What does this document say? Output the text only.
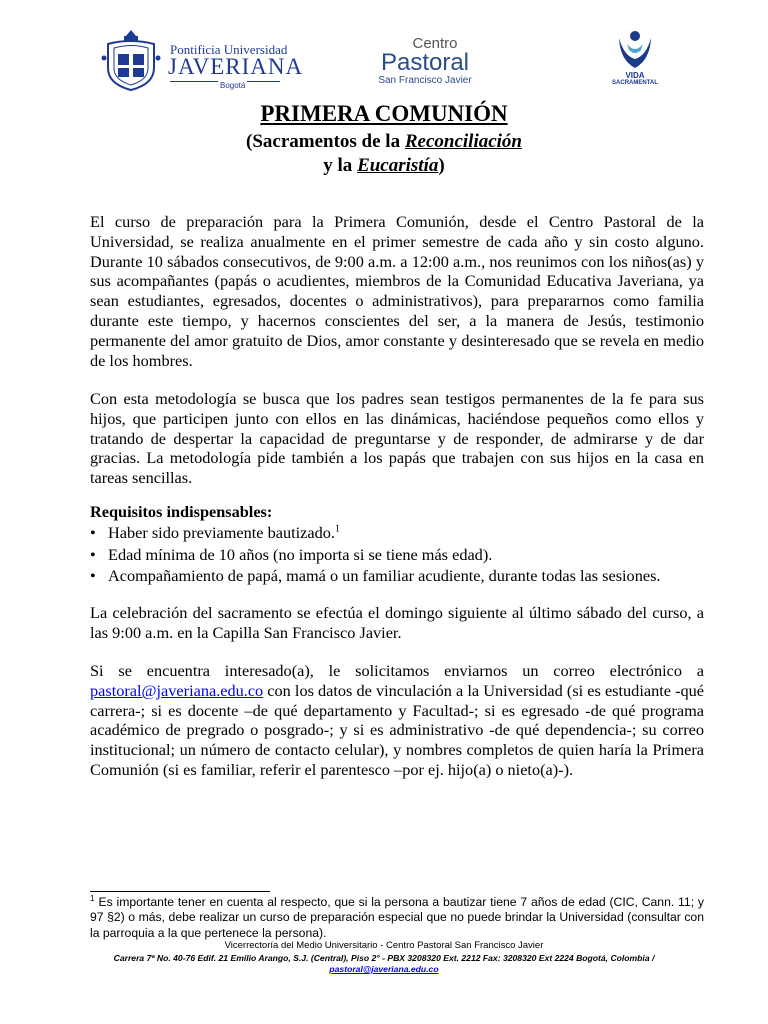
Pontificia Universidad
JAVERIANA
Bogotá
Centro
Pastoral
San Francisco Javier	VIDA
SACRAMENTAL
PRIMERA COMUNIÓN
(Sacramentos de la Reconciliación
y la Eucaristía)
El curso de preparación para la Primera Comunión, desde el Centro Pastoral de la Universidad, se realiza anualmente en el primer semestre de cada año y sin costo alguno. Durante 10 sábados consecutivos, de 9:00 a.m. a 12:00 a.m., nos reunimos con los niños(as) y sus acompañantes (papás o acudientes, miembros de la Comunidad Educativa Javeriana, ya sean estudiantes, egresados, docentes o administrativos), para prepararnos como familia durante este tiempo, y hacernos conscientes del ser, a la manera de Jesús, testimonio permanente del amor gratuito de Dios, amor constante y desinteresado que se revela en medio de los hombres.
Con esta metodología se busca que los padres sean testigos permanentes de la fe para sus hijos, que participen junto con ellos en las dinámicas, haciéndose pequeños como ellos y tratando de despertar la capacidad de preguntarse y de responder, de admirarse y de dar gracias. La metodología pide también a los papás que trabajen con sus hijos en la casa en tareas sencillas.
Requisitos indispensables:
• Haber sido previamente bautizado.$^1$
• Edad mínima de 10 años (no importa si se tiene más edad).
• Acompañamiento de papá, mamá o un familiar acudiente, durante todas las sesiones.
La celebración del sacramento se efectúa el domingo siguiente al último sábado del curso, a las 9:00 a.m. en la Capilla San Francisco Javier.
Si se encuentra interesado(a), le solicitamos enviarnos un correo electrónico a pastoral@javeriana.edu.co con los datos de vinculación a la Universidad (si es estudiante -qué carrera-; si es docente –de qué departamento y Facultad-; si es egresado -de qué programa académico de pregrado o posgrado-; y si es administrativo -de qué dependencia-; su correo institucional; un número de contacto celular), y nombres completos de quien haría la Primera Comunión (si es familiar, referir el parentesco –por ej. hijo(a) o nieto(a)-).
$^1$ Es importante tener en cuenta al respecto, que si la persona a bautizar tiene 7 años de edad (CIC, Cann. 11; y 97 §2) o más, debe realizar un curso de preparación especial que no puede brindar la Universidad (consultar con la parroquia a la que pertenece la persona).
Vicerrectoría del Medio Universitario - Centro Pastoral San Francisco Javier
Carrera 7ª No. 40-76 Edif. 21 Emilio Arango, S.J. (Central), Piso 2° - PBX 3208320 Ext. 2212 Fax: 3208320 Ext 2224 Bogotá, Colombia /
pastoral@javeriana.edu.co
